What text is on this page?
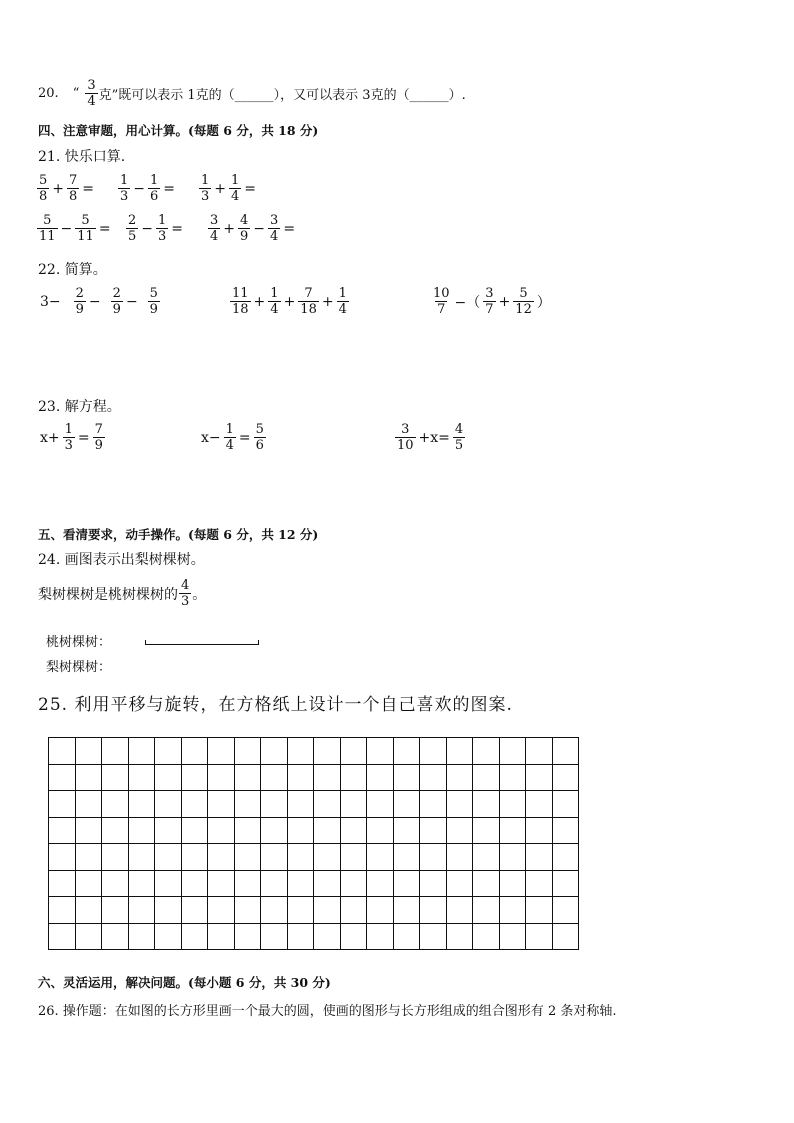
20. “ $\frac{3}{4}$ 克”既可以表示 1克的（______），又可以表示 3克的（______）.
四、注意审题，用心计算。(每题 6 分，共 18 分)
21. 快乐口算.
$\frac{5}{8} + \frac{7}{8} = \frac{1}{3} - \frac{1}{6} = \frac{1}{3} + \frac{1}{4}$ =
$\frac{5}{11} - \frac{5}{11} = \frac{2}{5} - \frac{1}{3} = \frac{3}{4} + \frac{4}{9} - \frac{3}{4}$ =
22. 简算。
$3- \frac{2}{9} - \frac{2}{9} - \frac{5}{9}$	$\frac{11}{18} + \frac{1}{4} + \frac{7}{18} + \frac{1}{4}$	$\frac{10}{7}$ −（ $\frac{3}{7} + \frac{5}{12}$ ）
23. 解方程。
$x+ \frac{1}{3} = \frac{7}{9}$	$x- \frac{1}{4} = \frac{5}{6}$	$\frac{3}{10} +x= \frac{4}{5}$
五、看清要求，动手操作。(每题 6 分，共 12 分)
24. 画图表示出梨树棵树。
梨树棵树是桃树棵树的 $\frac{4}{3}$ 。
桃树棵树：
梨树棵树：
25. 利用平移与旋转，在方格纸上设计一个自己喜欢的图案.

六、灵活运用，解决问题。(每小题 6 分，共 30 分)
26. 操作题：在如图的长方形里画一个最大的圆，使画的图形与长方形组成的组合图形有 2 条对称轴.
